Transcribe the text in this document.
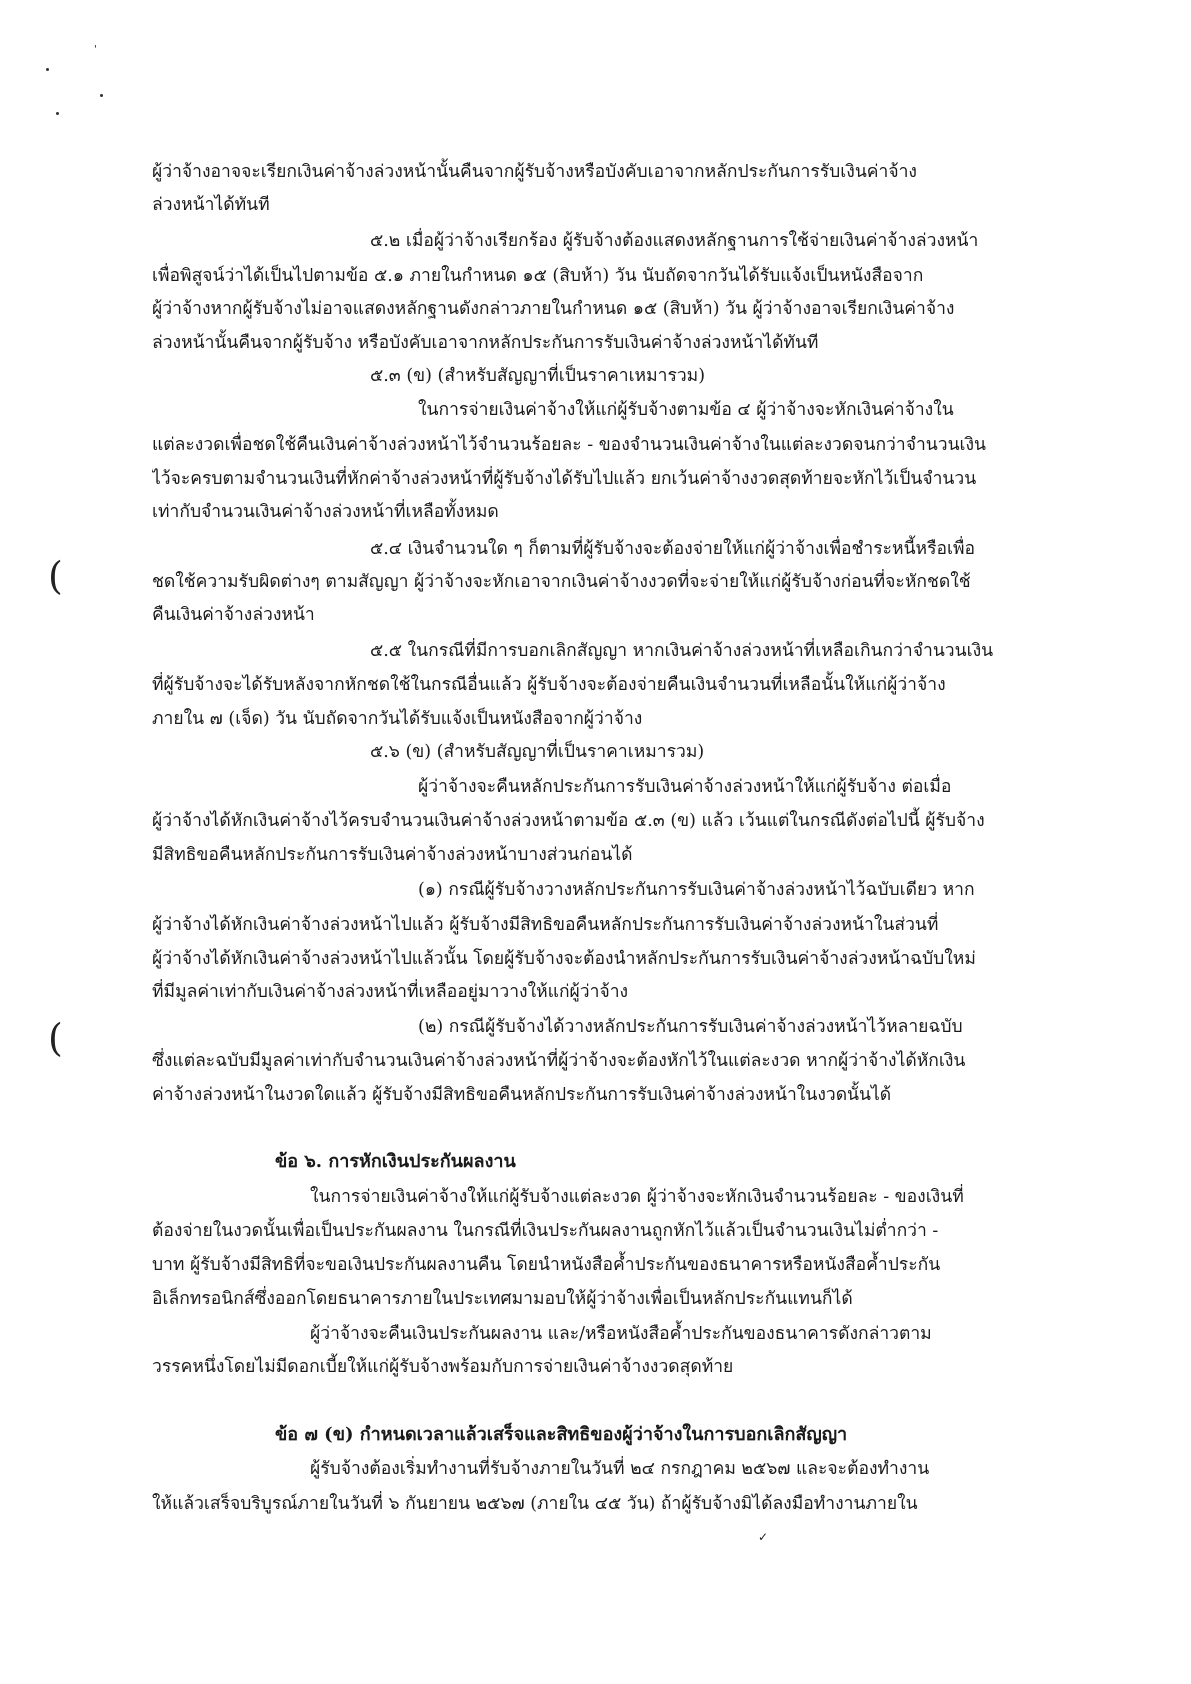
'
(
(
ผู้ว่าจ้างอาจจะเรียกเงินค่าจ้างล่วงหน้านั้นคืนจากผู้รับจ้างหรือบังคับเอาจากหลักประกันการรับเงินค่าจ้าง
ล่วงหน้าได้ทันที
๕.๒ เมื่อผู้ว่าจ้างเรียกร้อง ผู้รับจ้างต้องแสดงหลักฐานการใช้จ่ายเงินค่าจ้างล่วงหน้า
เพื่อพิสูจน์ว่าได้เป็นไปตามข้อ ๕.๑ ภายในกำหนด ๑๕ (สิบห้า) วัน นับถัดจากวันได้รับแจ้งเป็นหนังสือจาก
ผู้ว่าจ้างหากผู้รับจ้างไม่อาจแสดงหลักฐานดังกล่าวภายในกำหนด ๑๕ (สิบห้า) วัน ผู้ว่าจ้างอาจเรียกเงินค่าจ้าง
ล่วงหน้านั้นคืนจากผู้รับจ้าง หรือบังคับเอาจากหลักประกันการรับเงินค่าจ้างล่วงหน้าได้ทันที
๕.๓ (ข) (สำหรับสัญญาที่เป็นราคาเหมารวม)
ในการจ่ายเงินค่าจ้างให้แก่ผู้รับจ้างตามข้อ ๔ ผู้ว่าจ้างจะหักเงินค่าจ้างใน
แต่ละงวดเพื่อชดใช้คืนเงินค่าจ้างล่วงหน้าไว้จำนวนร้อยละ - ของจำนวนเงินค่าจ้างในแต่ละงวดจนกว่าจำนวนเงิน
ไว้จะครบตามจำนวนเงินที่หักค่าจ้างล่วงหน้าที่ผู้รับจ้างได้รับไปแล้ว ยกเว้นค่าจ้างงวดสุดท้ายจะหักไว้เป็นจำนวน
เท่ากับจำนวนเงินค่าจ้างล่วงหน้าที่เหลือทั้งหมด
๕.๔ เงินจำนวนใด ๆ ก็ตามที่ผู้รับจ้างจะต้องจ่ายให้แก่ผู้ว่าจ้างเพื่อชำระหนี้หรือเพื่อ
ชดใช้ความรับผิดต่างๆ ตามสัญญา ผู้ว่าจ้างจะหักเอาจากเงินค่าจ้างงวดที่จะจ่ายให้แก่ผู้รับจ้างก่อนที่จะหักชดใช้
คืนเงินค่าจ้างล่วงหน้า
๕.๕ ในกรณีที่มีการบอกเลิกสัญญา หากเงินค่าจ้างล่วงหน้าที่เหลือเกินกว่าจำนวนเงิน
ที่ผู้รับจ้างจะได้รับหลังจากหักชดใช้ในกรณีอื่นแล้ว ผู้รับจ้างจะต้องจ่ายคืนเงินจำนวนที่เหลือนั้นให้แก่ผู้ว่าจ้าง
ภายใน ๗ (เจ็ด) วัน นับถัดจากวันได้รับแจ้งเป็นหนังสือจากผู้ว่าจ้าง
๕.๖ (ข) (สำหรับสัญญาที่เป็นราคาเหมารวม)
ผู้ว่าจ้างจะคืนหลักประกันการรับเงินค่าจ้างล่วงหน้าให้แก่ผู้รับจ้าง ต่อเมื่อ
ผู้ว่าจ้างได้หักเงินค่าจ้างไว้ครบจำนวนเงินค่าจ้างล่วงหน้าตามข้อ ๕.๓ (ข) แล้ว เว้นแต่ในกรณีดังต่อไปนี้ ผู้รับจ้าง
มีสิทธิขอคืนหลักประกันการรับเงินค่าจ้างล่วงหน้าบางส่วนก่อนได้
(๑) กรณีผู้รับจ้างวางหลักประกันการรับเงินค่าจ้างล่วงหน้าไว้ฉบับเดียว หาก
ผู้ว่าจ้างได้หักเงินค่าจ้างล่วงหน้าไปแล้ว ผู้รับจ้างมีสิทธิขอคืนหลักประกันการรับเงินค่าจ้างล่วงหน้าในส่วนที่
ผู้ว่าจ้างได้หักเงินค่าจ้างล่วงหน้าไปแล้วนั้น โดยผู้รับจ้างจะต้องนำหลักประกันการรับเงินค่าจ้างล่วงหน้าฉบับใหม่
ที่มีมูลค่าเท่ากับเงินค่าจ้างล่วงหน้าที่เหลืออยู่มาวางให้แก่ผู้ว่าจ้าง
(๒) กรณีผู้รับจ้างได้วางหลักประกันการรับเงินค่าจ้างล่วงหน้าไว้หลายฉบับ
ซึ่งแต่ละฉบับมีมูลค่าเท่ากับจำนวนเงินค่าจ้างล่วงหน้าที่ผู้ว่าจ้างจะต้องหักไว้ในแต่ละงวด หากผู้ว่าจ้างได้หักเงิน
ค่าจ้างล่วงหน้าในงวดใดแล้ว ผู้รับจ้างมีสิทธิขอคืนหลักประกันการรับเงินค่าจ้างล่วงหน้าในงวดนั้นได้
ข้อ ๖. การหักเงินประกันผลงาน
ในการจ่ายเงินค่าจ้างให้แก่ผู้รับจ้างแต่ละงวด ผู้ว่าจ้างจะหักเงินจำนวนร้อยละ - ของเงินที่
ต้องจ่ายในงวดนั้นเพื่อเป็นประกันผลงาน ในกรณีที่เงินประกันผลงานถูกหักไว้แล้วเป็นจำนวนเงินไม่ต่ำกว่า -
บาท ผู้รับจ้างมีสิทธิที่จะขอเงินประกันผลงานคืน โดยนำหนังสือค้ำประกันของธนาคารหรือหนังสือค้ำประกัน
อิเล็กทรอนิกส์ซึ่งออกโดยธนาคารภายในประเทศมามอบให้ผู้ว่าจ้างเพื่อเป็นหลักประกันแทนก็ได้
ผู้ว่าจ้างจะคืนเงินประกันผลงาน และ/หรือหนังสือค้ำประกันของธนาคารดังกล่าวตาม
วรรคหนึ่งโดยไม่มีดอกเบี้ยให้แก่ผู้รับจ้างพร้อมกับการจ่ายเงินค่าจ้างงวดสุดท้าย
ข้อ ๗ (ข) กำหนดเวลาแล้วเสร็จและสิทธิของผู้ว่าจ้างในการบอกเลิกสัญญา
ผู้รับจ้างต้องเริ่มทำงานที่รับจ้างภายในวันที่ ๒๔ กรกฎาคม ๒๕๖๗ และจะต้องทำงาน
ให้แล้วเสร็จบริบูรณ์ภายในวันที่ ๖ กันยายน ๒๕๖๗ (ภายใน ๔๕ วัน) ถ้าผู้รับจ้างมิได้ลงมือทำงานภายใน
✓
